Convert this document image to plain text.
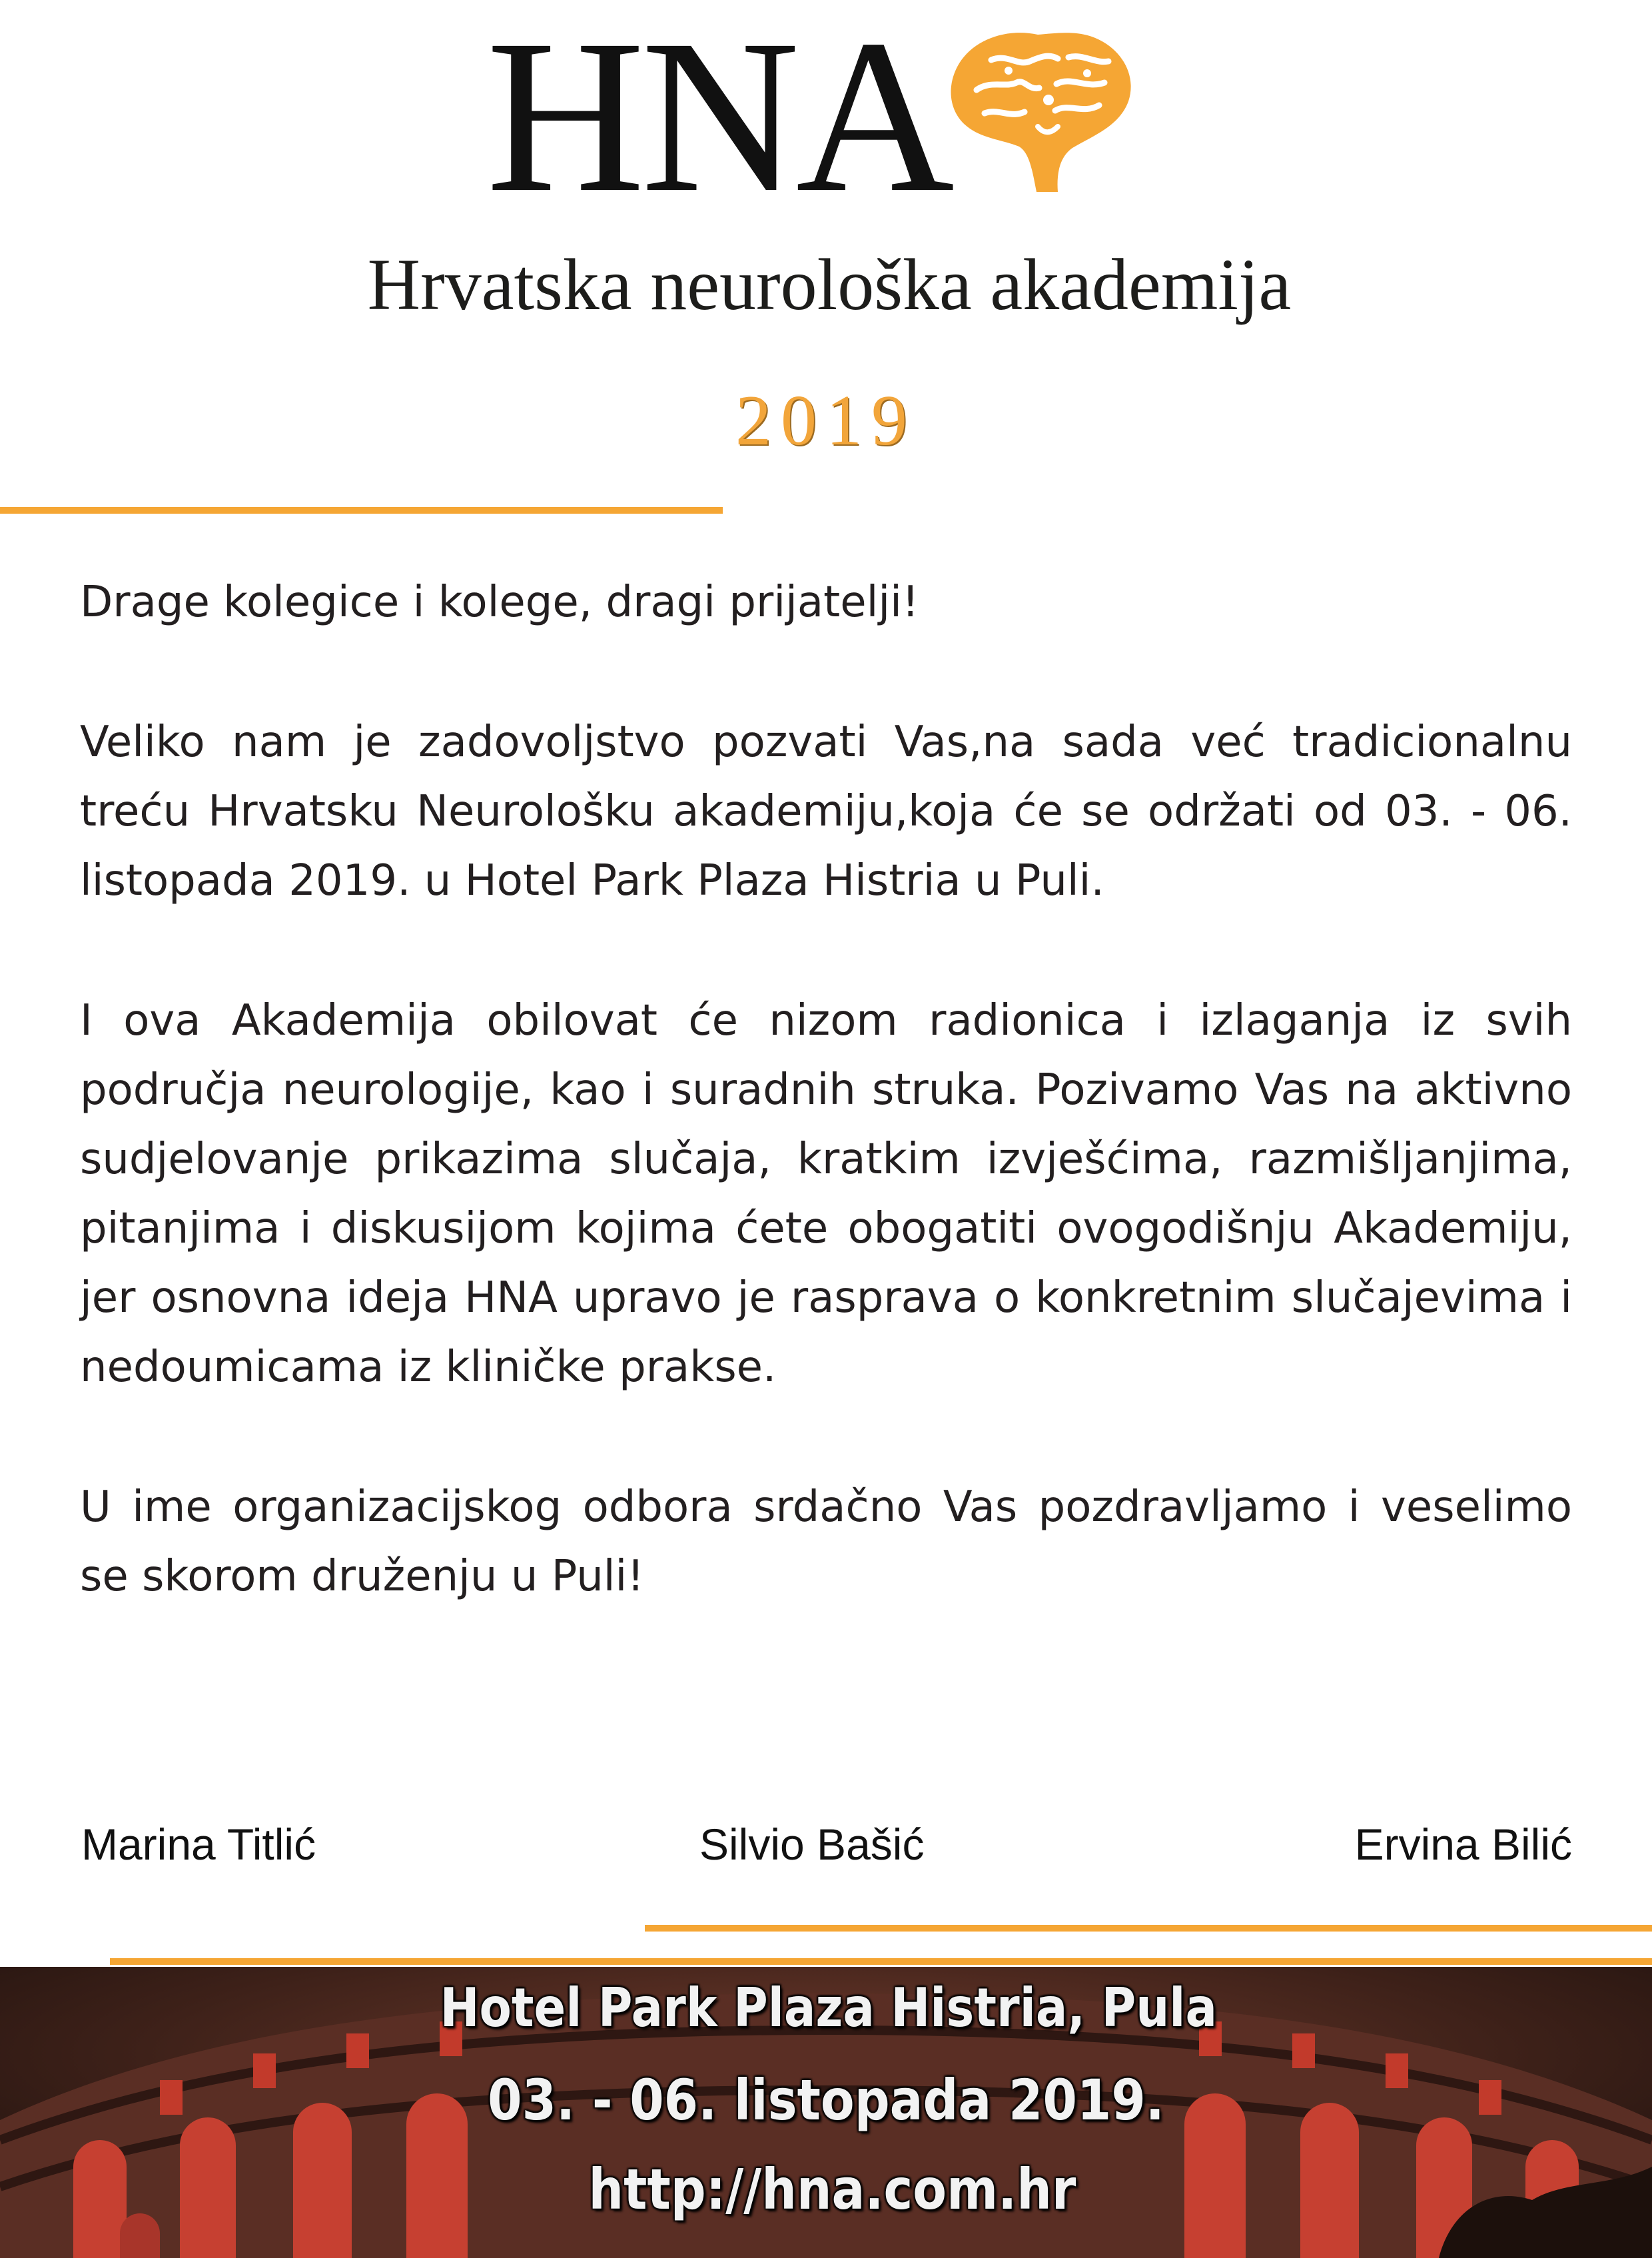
HNA
Hrvatska neurološka akademija
2019

Drage kolegice i kolege, dragi prijatelji!

Veliko nam je zadovoljstvo pozvati Vas,na sada već tradicionalnu treću Hrvatsku Neurološku akademiju,koja će se održati od 03. - 06. listopada 2019. u Hotel Park Plaza Histria u Puli.

I ova Akademija obilovat će nizom radionica i izlaganja iz svih područja neurologije, kao i suradnih struka. Pozivamo Vas na aktivno sudjelovanje prikazima slučaja, kratkim izvješćima, razmišljanjima, pitanjima i diskusijom kojima ćete obogatiti ovogodišnju Akademiju, jer osnovna ideja HNA upravo je rasprava o konkretnim slučajevima i nedoumicama iz kliničke prakse.

U ime organizacijskog odbora srdačno Vas pozdravljamo i veselimo se skorom druženju u Puli!

Marina Titlić	Silvio Bašić	Ervina Bilić
Hotel Park Plaza Histria, Pula
03. - 06. listopada 2019.
http://hna.com.hr
